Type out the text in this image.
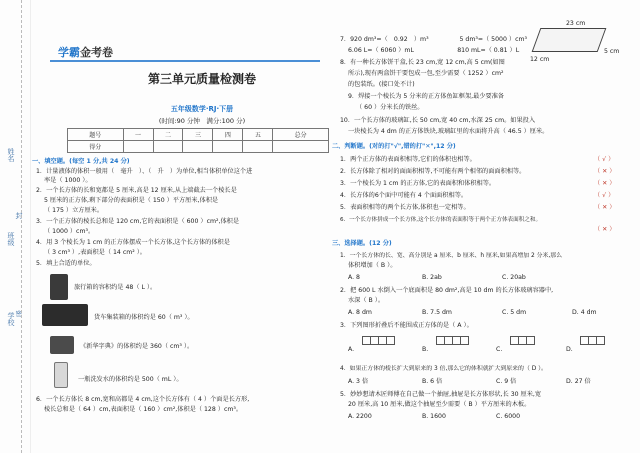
姓名
班级
封
密
学校
学霸金考卷
第三单元质量检测卷
五年级数学·RJ·下册
(时间:90 分钟　满分:100 分)
题号	一	二	三	四	五	总分
得分						
一、填空题。(每空 1 分,共 24 分)
1．计量液体的体积一般用（　毫升　）、（　升　）为单位,相当体积单位这个进
率是（ 1000 ）。
2．一个长方体的长和宽都是 5 厘米,高是 12 厘米,从上端截去一个棱长是
5 厘米的正方体,剩下部分的表面积是（ 150 ）平方厘米,体积是
（ 175 ）立方厘米。
3．一个正方体的棱长总和是 120 cm,它的表面积是（ 600 ）cm²,体积是
（ 1000 ）cm³。
4．用 3 个棱长为 1 cm 的正方体摆成一个长方体,这个长方体的体积是
（ 3 cm³ ）,表面积是（ 14 cm² ）。
5．填上合适的单位。
旅行箱的容积约是 48（ L ）。
货车集装箱的体积约是 60（ m³ ）。
《新华字典》的体积约是 360（ cm³ ）。
一瓶洗发水的体积约是 500（ mL ）。
6．一个长方体长 8 cm,宽和高都是 4 cm,这个长方体有（ 4 ）个面是长方形,
棱长总和是（ 64 ）cm,表面积是（ 160 ）cm²,体积是（ 128 ）cm³。
7．920 dm³=（　0.92　）m³　　　　　5 dm³=（ 5000 ）cm³
6.06 L=（ 6060 ）mL　　　　　　　810 mL=（ 0.81 ）L
8．有一种长方体饼干盒,长 23 cm,宽 12 cm,高 5 cm(如图
所示),现有两盒饼干要包成一包,至少需要（ 1252 ）cm²
的包装纸。(接口处不计)
9．焊接一个棱长为 5 分米的正方体鱼缸框架,最少要准备
（ 60 ）分米长的铁丝。
10．一个长方体的玻璃缸,长 50 cm,宽 40 cm,水深 25 cm。如果投入
一块棱长为 4 dm 的正方体铁块,玻璃缸里的水面将升高（ 46.5 ）厘米。
二、判断题。(对的打"√",错的打"✕",12 分)
1．两个正方体的表面积相等,它们的体积也相等。	（ √ ）
2．长方体除了相对的面面积相等,不可能有两个相邻的面面积相等。	（ ✕ ）
3．一个棱长为 1 cm 的正方体,它的表面积和体积相等。	（ ✕ ）
4．长方体的6个面中可能有 4 个面面积相等。	（ √ ）
5．表面积相等的两个长方体,体积也一定相等。	（ ✕ ）
6．一个长方体拼成一个长方体,这个长方体的表面积等于两个正方体表面积之和。
（ ✕ ）
三、选择题。(12 分)
1．一个长方体的长、宽、高分别是 a 厘米、b 厘米、h 厘米,如果高增加 2 分米,那么
体积增加（ B ）。
A. 8	B. 2ab	C. 20ab
2．把 600 L 水倒入一个底面积是 80 dm²,高是 10 dm 的长方体玻璃容器中,
水深（ B ）。
A. 8 dm	B. 7.5 dm	C. 5 dm	D. 4 dm
3．下列图形折叠后不能围成正方体的是（ A ）。
A.	B.	C.	D.
4．如果正方体的棱长扩大到原来的 3 倍,那么它的体积就扩大到原来的（ D ）。
A. 3 倍	B. 6 倍	C. 9 倍	D. 27 倍
5．妙妙想请木匠师傅在自己做一个抽屉,抽屉是长方体形状,长 30 厘米,宽
20 厘米,高 10 厘米,做这个抽屉至少需要（ B ）平方厘米的木板。
A. 2200	B. 1600	C. 6000
23 cm
12 cm
5 cm
